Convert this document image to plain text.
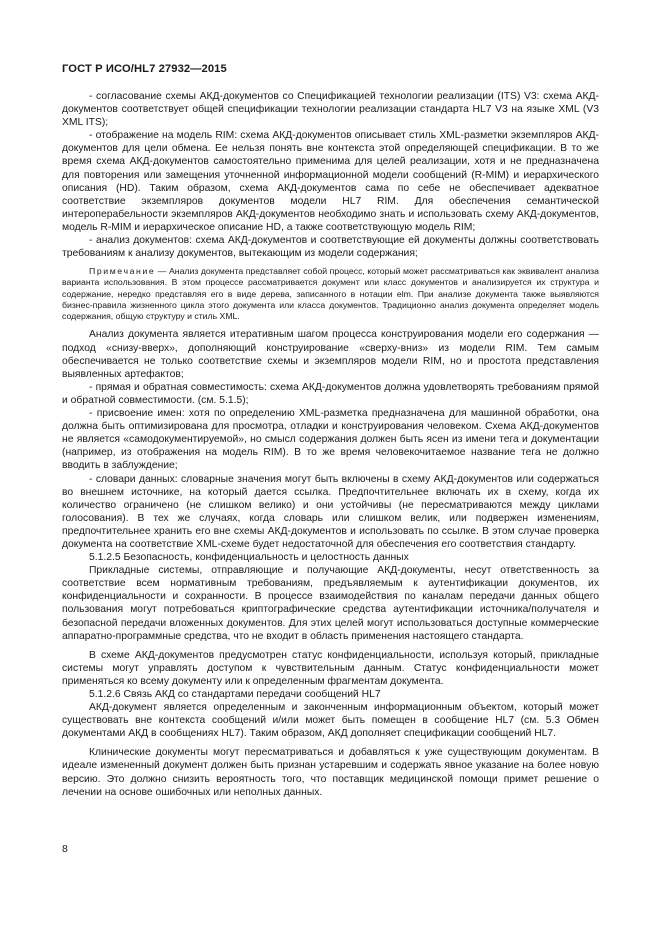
ГОСТ Р ИСО/HL7 27932—2015

- согласование схемы АКД-документов со Спецификацией технологии реализации (ITS) V3: схема АКД-документов соответствует общей спецификации технологии реализации стандарта HL7 V3 на языке XML (V3 XML ITS);

- отображение на модель RIM: схема АКД-документов описывает стиль XML-разметки экземпляров АКД-документов для цели обмена. Ее нельзя понять вне контекста этой определяющей спецификации. В то же время схема АКД-документов самостоятельно применима для целей реализации, хотя и не предназначена для повторения или замещения уточненной информационной модели сообщений (R-MIM) и иерархического описания (HD). Таким образом, схема АКД-документов сама по себе не обеспечивает адекватное соответствие экземпляров документов модели HL7 RIM. Для обеспечения семантической интероперабельности экземпляров АКД-документов необходимо знать и использовать схему АКД-документов, модель R-MIM и иерархическое описание HD, а также соответствующую модель RIM;

- анализ документов: схема АКД-документов и соответствующие ей документы должны соответствовать требованиям к анализу документов, вытекающим из модели содержания;

Примечание — Анализ документа представляет собой процесс, который может рассматриваться как эквивалент анализа варианта использования. В этом процессе рассматривается документ или класс документов и анализируется их структура и содержание, нередко представляя его в виде дерева, записанного в нотации elm. При анализе документа также выявляются бизнес-правила жизненного цикла этого документа или класса документов. Традиционно анализ документа определяет модель содержания, общую структуру и стиль XML.

Анализ документа является итеративным шагом процесса конструирования модели его содержания — подход «снизу-вверх», дополняющий конструирование «сверху-вниз» из модели RIM. Тем самым обеспечивается не только соответствие схемы и экземпляров модели RIM, но и простота представления выявленных артефактов;

- прямая и обратная совместимость: схема АКД-документов должна удовлетворять требованиям прямой и обратной совместимости. (см. 5.1.5);

- присвоение имен: хотя по определению XML-разметка предназначена для машинной обработки, она должна быть оптимизирована для просмотра, отладки и конструирования человеком. Схема АКД-документов не является «самодокументируемой», но смысл содержания должен быть ясен из имени тега и документации (например, из отображения на модель RIM). В то же время человекочитаемое название тега не должно вводить в заблуждение;

- словари данных: словарные значения могут быть включены в схему АКД-документов или содержаться во внешнем источнике, на который дается ссылка. Предпочтительнее включать их в схему, когда их количество ограничено (не слишком велико) и они устойчивы (не пересматриваются между циклами голосования). В тех же случаях, когда словарь или слишком велик, или подвержен изменениям, предпочтительнее хранить его вне схемы АКД-документов и использовать по ссылке. В этом случае проверка документа на соответствие XML-схеме будет недостаточной для обеспечения его соответствия стандарту.

5.1.2.5 Безопасность, конфиденциальность и целостность данных

Прикладные системы, отправляющие и получающие АКД-документы, несут ответственность за соответствие всем нормативным требованиям, предъявляемым к аутентификации документов, их конфиденциальности и сохранности. В процессе взаимодействия по каналам передачи данных общего пользования могут потребоваться криптографические средства аутентификации источника/получателя и безопасной передачи вложенных документов. Для этих целей могут использоваться доступные коммерческие аппаратно-программные средства, что не входит в область применения настоящего стандарта.

В схеме АКД-документов предусмотрен статус конфиденциальности, используя который, прикладные системы могут управлять доступом к чувствительным данным. Статус конфиденциальности может применяться ко всему документу или к определенным фрагментам документа.

5.1.2.6 Связь АКД со стандартами передачи сообщений HL7

АКД-документ является определенным и законченным информационным объектом, который может существовать вне контекста сообщений и/или может быть помещен в сообщение HL7 (см. 5.3 Обмен документами АКД в сообщениях HL7). Таким образом, АКД дополняет спецификации сообщений HL7.

Клинические документы могут пересматриваться и добавляться к уже существующим документам. В идеале измененный документ должен быть признан устаревшим и содержать явное указание на более новую версию. Это должно снизить вероятность того, что поставщик медицинской помощи примет решение о лечении на основе ошибочных или неполных данных.

8
